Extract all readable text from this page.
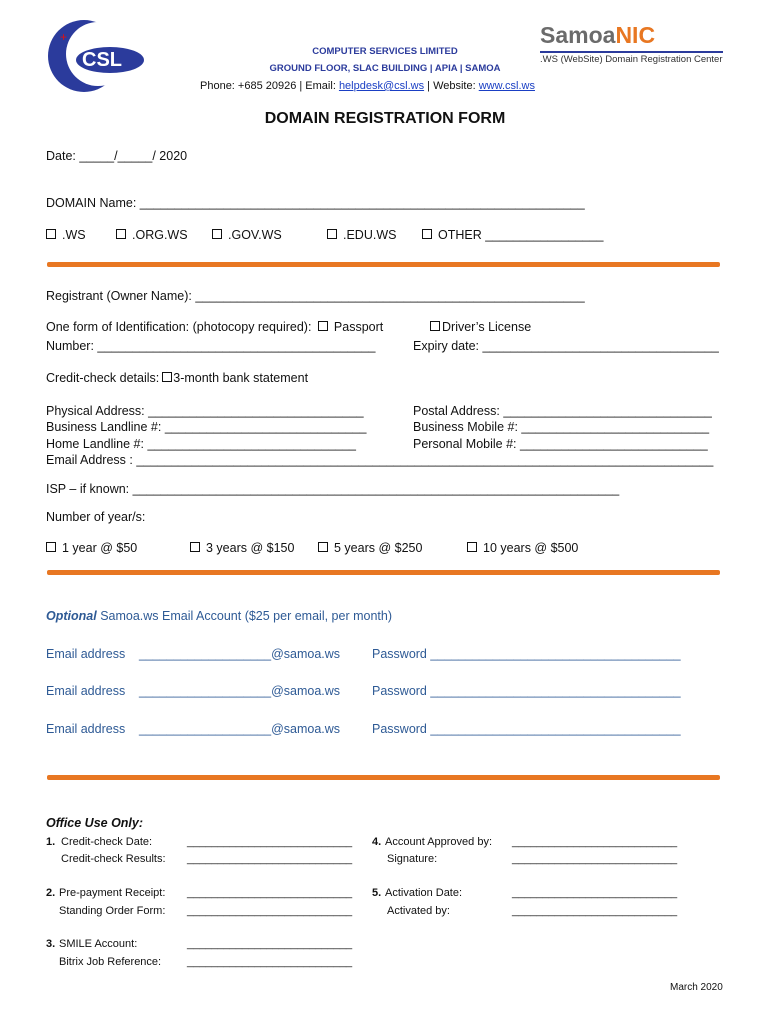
CSL
+
COMPUTER SERVICES LIMITED
GROUND FLOOR, SLAC BUILDING | APIA | SAMOA
Phone: +685 20926 | Email: helpdesk@csl.ws | Website: www.csl.ws
SamoaNIC
.WS (WebSite) Domain Registration Center
DOMAIN REGISTRATION FORM
Date: _____/_____/ 2020
DOMAIN Name: ________________________________________________________________
.WS	.ORG.WS	.GOV.WS	.EDU.WS	OTHER _________________
Registrant (Owner Name): ________________________________________________________
One form of Identification: (photocopy required): Passport	Driver’s License
Number: ________________________________________	Expiry date: __________________________________
Credit-check details: 3-month bank statement
Physical Address: _______________________________	Postal Address: ______________________________
Business Landline #: _____________________________	Business Mobile #: ___________________________
Home Landline #: ______________________________	Personal Mobile #: ___________________________
Email Address : ___________________________________________________________________________________
ISP – if known: ______________________________________________________________________
Number of year/s:
1 year @ $50	3 years @ $150	5 years @ $250	10 years @ $500
Optional Samoa.ws Email Account ($25 per email, per month)
Email address ___________________@samoa.ws	Password ____________________________________
Email address ___________________@samoa.ws	Password ____________________________________
Email address ___________________@samoa.ws	Password ____________________________________
Office Use Only:
1. Credit-check Date:	___________________________
Credit-check Results: ___________________________
2. Pre-payment Receipt: ___________________________
Standing Order Form: ___________________________
3. SMILE Account:	___________________________
Bitrix Job Reference: ___________________________
4. Account Approved by: ___________________________
Signature:	___________________________
5. Activation Date:	___________________________
Activated by:	___________________________
March 2020
